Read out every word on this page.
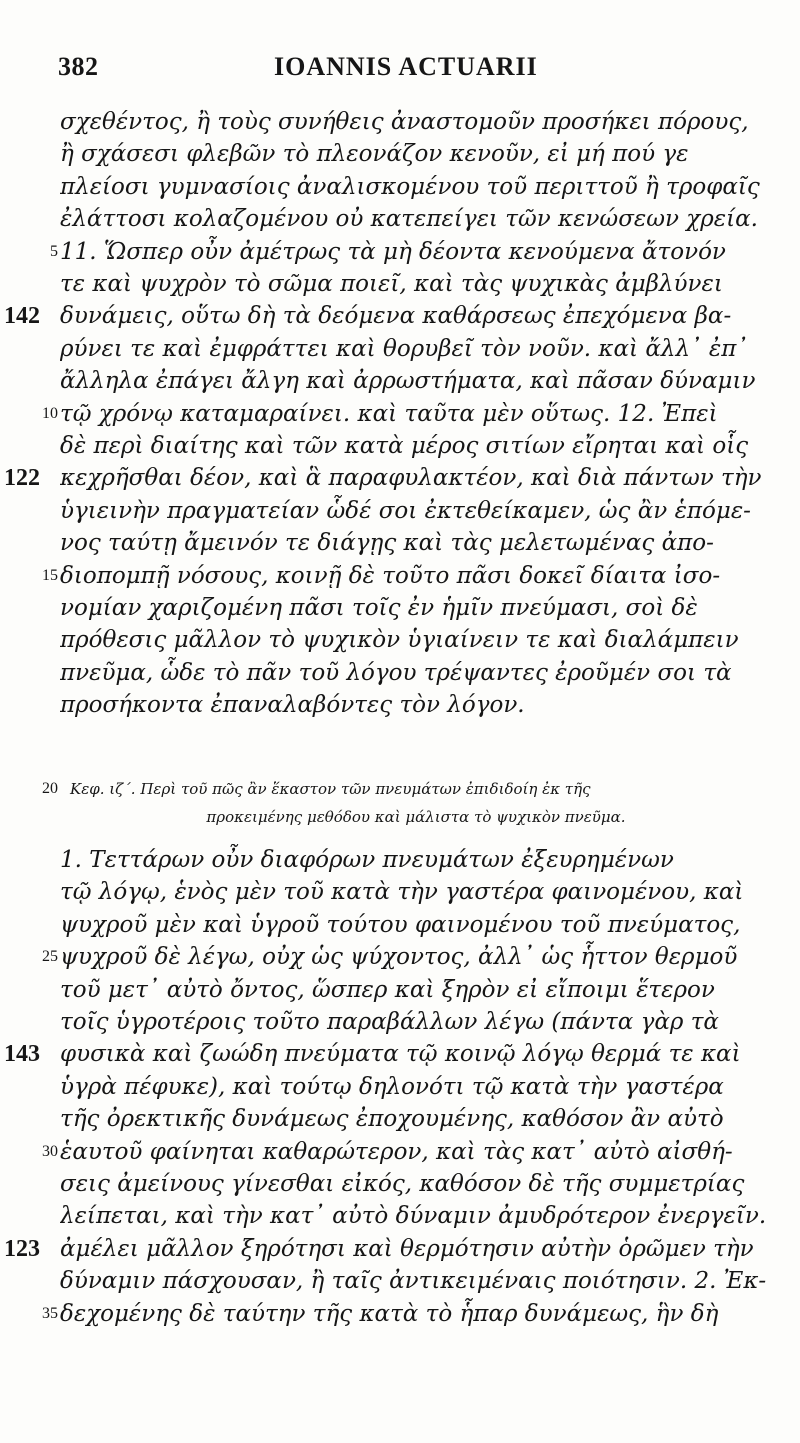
382	IOANNIS ACTUARII
σχεθέντος, ἢ τοὺς συνήθεις ἀναστομοῦν προσήκει πόρους,
ἢ σχάσεσι φλεβῶν τὸ πλεονάζον κενοῦν, εἰ μή πού γε
πλείοσι γυμνασίοις ἀναλισκομένου τοῦ περιττοῦ ἢ τροφαῖς
ἐλάττοσι κολαζομένου οὐ κατεπείγει τῶν κενώσεων χρεία.
5 11. Ὥσπερ οὖν ἀμέτρως τὰ μὴ δέοντα κενούμενα ἄτονόν
τε καὶ ψυχρὸν τὸ σῶμα ποιεῖ, καὶ τὰς ψυχικὰς ἀμβλύνει
142 δυνάμεις, οὕτω δὴ τὰ δεόμενα καθάρσεως ἐπεχόμενα βα-
ρύνει τε καὶ ἐμφράττει καὶ θορυβεῖ τὸν νοῦν. καὶ ἄλλ᾽ ἐπ᾽
ἄλληλα ἐπάγει ἄλγη καὶ ἀρρωστήματα, καὶ πᾶσαν δύναμιν
10 τῷ χρόνῳ καταμαραίνει. καὶ ταῦτα μὲν οὕτως. 12. Ἐπεὶ
δὲ περὶ διαίτης καὶ τῶν κατὰ μέρος σιτίων εἴρηται καὶ οἷς
122 κεχρῆσθαι δέον, καὶ ἃ παραφυλακτέον, καὶ διὰ πάντων τὴν
ὑγιεινὴν πραγματείαν ὧδέ σοι ἐκτεθείκαμεν, ὡς ἂν ἑπόμε-
νος ταύτῃ ἄμεινόν τε διάγῃς καὶ τὰς μελετωμένας ἀπο-
15 διοπομπῇ νόσους, κοινῇ δὲ τοῦτο πᾶσι δοκεῖ δίαιτα ἰσο-
νομίαν χαριζομένη πᾶσι τοῖς ἐν ἡμῖν πνεύμασι, σοὶ δὲ
πρόθεσις μᾶλλον τὸ ψυχικὸν ὑγιαίνειν τε καὶ διαλάμπειν
πνεῦμα, ὧδε τὸ πᾶν τοῦ λόγου τρέψαντες ἐροῦμέν σοι τὰ
προσήκοντα ἐπαναλαβόντες τὸν λόγον.
20 Κεφ. ιζ΄. Περὶ τοῦ πῶς ἂν ἕκαστον τῶν πνευμάτων ἐπιδιδοίη ἐκ τῆς
προκειμένης μεθόδου καὶ μάλιστα τὸ ψυχικὸν πνεῦμα.
1. Τεττάρων οὖν διαφόρων πνευμάτων ἐξευρημένων
τῷ λόγῳ, ἑνὸς μὲν τοῦ κατὰ τὴν γαστέρα φαινομένου, καὶ
ψυχροῦ μὲν καὶ ὑγροῦ τούτου φαινομένου τοῦ πνεύματος,
25 ψυχροῦ δὲ λέγω, οὐχ ὡς ψύχοντος, ἀλλ᾽ ὡς ἧττον θερμοῦ
τοῦ μετ᾽ αὐτὸ ὄντος, ὥσπερ καὶ ξηρὸν εἰ εἴποιμι ἕτερον
τοῖς ὑγροτέροις τοῦτο παραβάλλων λέγω (πάντα γὰρ τὰ
143 φυσικὰ καὶ ζωώδη πνεύματα τῷ κοινῷ λόγῳ θερμά τε καὶ
ὑγρὰ πέφυκε), καὶ τούτῳ δηλονότι τῷ κατὰ τὴν γαστέρα
τῆς ὀρεκτικῆς δυνάμεως ἐποχουμένης, καθόσον ἂν αὐτὸ
30 ἑαυτοῦ φαίνηται καθαρώτερον, καὶ τὰς κατ᾽ αὐτὸ αἰσθή-
σεις ἀμείνους γίνεσθαι εἰκός, καθόσον δὲ τῆς συμμετρίας
λείπεται, καὶ τὴν κατ᾽ αὐτὸ δύναμιν ἀμυδρότερον ἐνεργεῖν.
123 ἀμέλει μᾶλλον ξηρότησι καὶ θερμότησιν αὐτὴν ὁρῶμεν τὴν
δύναμιν πάσχουσαν, ἢ ταῖς ἀντικειμέναις ποιότησιν. 2. Ἐκ-
35 δεχομένης δὲ ταύτην τῆς κατὰ τὸ ἧπαρ δυνάμεως, ἣν δὴ
